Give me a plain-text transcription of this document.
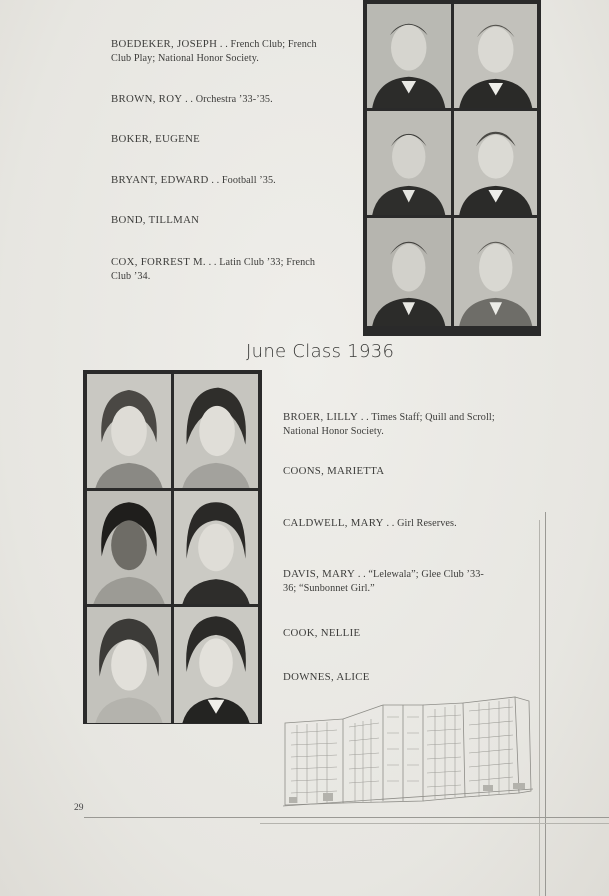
BOEDEKER, JOSEPH . . French Club; French
Club Play; National Honor Society.
BROWN, ROY . . Orchestra ’33-’35.
BOKER, EUGENE
BRYANT, EDWARD . . Football ’35.
BOND, TILLMAN
COX, FORREST M. . . Latin Club ’33; French
Club ’34.
June Class 1936
BROER, LILLY . . Times Staff; Quill and Scroll;
National Honor Society.
COONS, MARIETTA
CALDWELL, MARY . . Girl Reserves.
DAVIS, MARY . . “Lelewala”; Glee Club ’33-
36; “Sunbonnet Girl.”
COOK, NELLIE
DOWNES, ALICE
29
